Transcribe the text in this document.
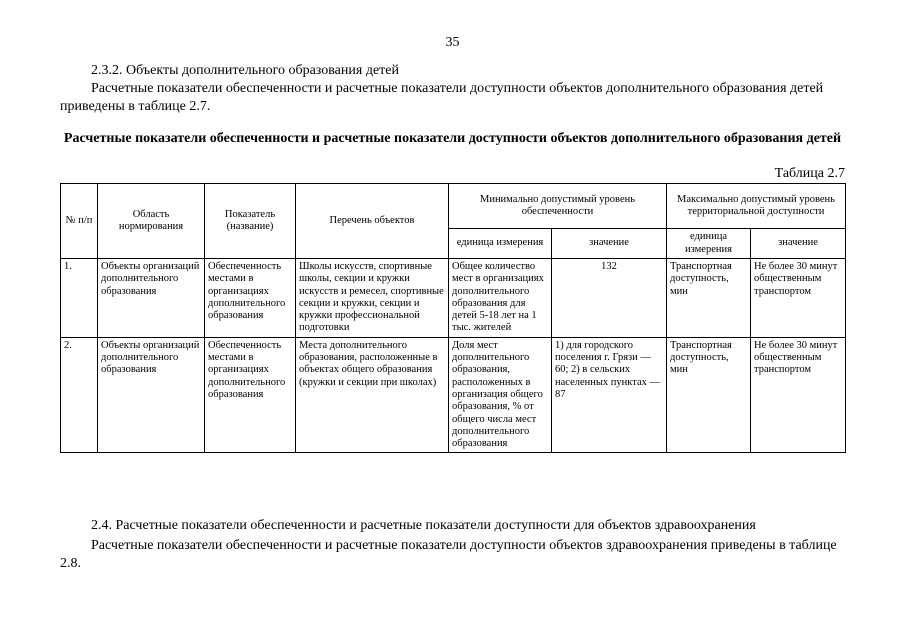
35
2.3.2. Объекты дополнительного образования детей
Расчетные показатели обеспеченности и расчетные показатели доступности объектов дополнительного образования детей приведены в таблице 2.7.
Расчетные показатели обеспеченности и расчетные показатели доступности объектов дополнительного образования детей
Таблица 2.7
№ п/п	Область нормирования	Показатель (название)	Перечень объектов	Минимально допустимый уровень обеспеченности		Максимально допустимый уровень территориальной доступности	
				единица измерения	значение	единица измерения	значение
1.	Объекты организаций дополнительного образования	Обеспеченность местами в организациях дополнительного образования	Школы искусств, спортивные школы, секции и кружки искусств и ремесел, спортивные секции и кружки, секции и кружки профессиональной подготовки	Общее количество мест в организациях дополнительного образования для детей 5-18 лет на 1 тыс. жителей	132	Транспортная доступность, мин	Не более 30 минут общественным транспортом
2.	Объекты организаций дополнительного образования	Обеспеченность местами в организациях дополнительного образования	Места дополнительного образования, расположенные в объектах общего образования (кружки и секции при школах)	Доля мест дополнительного образования, расположенных в организация общего образования, % от общего числа мест дополнительного образования	1) для городского поселения г. Грязи — 60; 2) в сельских населенных пунктах — 87	Транспортная доступность, мин	Не более 30 минут общественным транспортом
2.4. Расчетные показатели обеспеченности и расчетные показатели доступности для объектов здравоохранения
Расчетные показатели обеспеченности и расчетные показатели доступности объектов здравоохранения приведены в таблице 2.8.
